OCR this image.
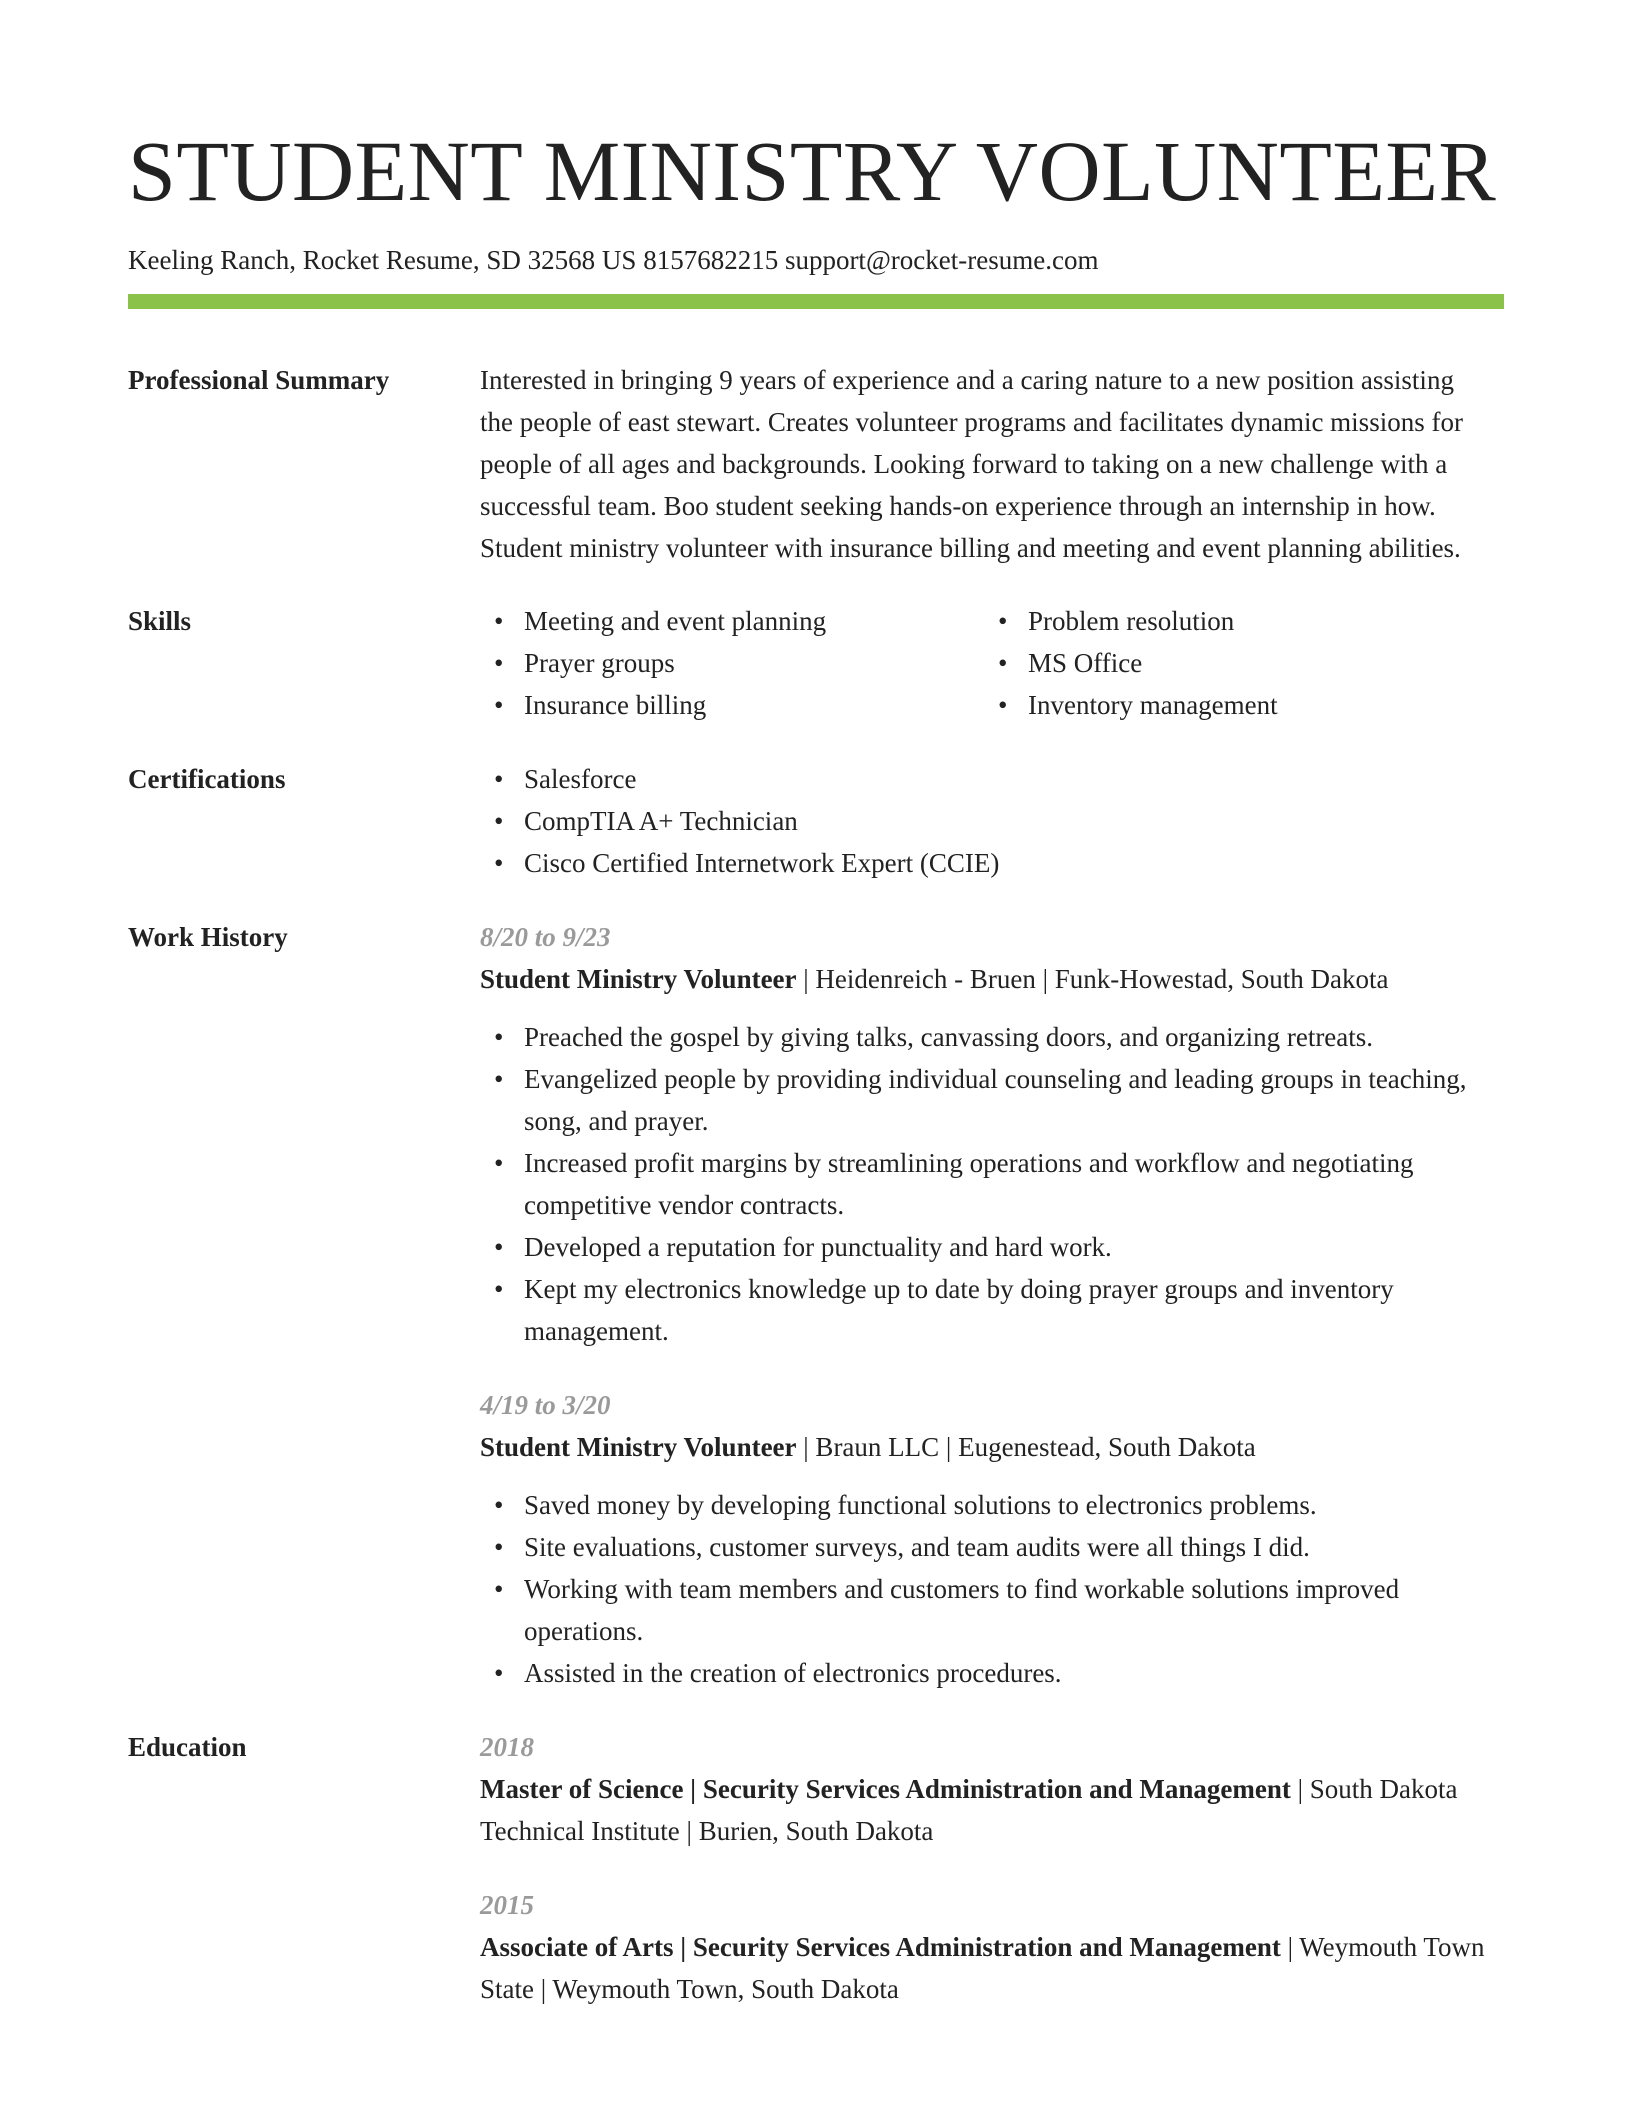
STUDENT MINISTRY VOLUNTEER
Keeling Ranch, Rocket Resume, SD 32568 US 8157682215 support@rocket-resume.com
Professional Summary	Interested in bringing 9 years of experience and a caring nature to a new position assisting the people of east stewart. Creates volunteer programs and facilitates dynamic missions for people of all ages and backgrounds. Looking forward to taking on a new challenge with a successful team. Boo student seeking hands-on experience through an internship in how. Student ministry volunteer with insurance billing and meeting and event planning abilities.
Skills	• Meeting and event planning
• Prayer groups
• Insurance billing
• Problem resolution
• MS Office
• Inventory management
Certifications	• Salesforce
• CompTIA A+ Technician
• Cisco Certified Internetwork Expert (CCIE)
Work History	8/20 to 9/23
Student Ministry Volunteer | Heidenreich - Bruen | Funk-Howestad, South Dakota
• Preached the gospel by giving talks, canvassing doors, and organizing retreats.
• Evangelized people by providing individual counseling and leading groups in teaching, song, and prayer.
• Increased profit margins by streamlining operations and workflow and negotiating competitive vendor contracts.
• Developed a reputation for punctuality and hard work.
• Kept my electronics knowledge up to date by doing prayer groups and inventory management.
4/19 to 3/20
Student Ministry Volunteer | Braun LLC | Eugenestead, South Dakota
• Saved money by developing functional solutions to electronics problems.
• Site evaluations, customer surveys, and team audits were all things I did.
• Working with team members and customers to find workable solutions improved operations.
• Assisted in the creation of electronics procedures.
Education	2018
Master of Science | Security Services Administration and Management | South Dakota Technical Institute | Burien, South Dakota
2015
Associate of Arts | Security Services Administration and Management | Weymouth Town State | Weymouth Town, South Dakota
